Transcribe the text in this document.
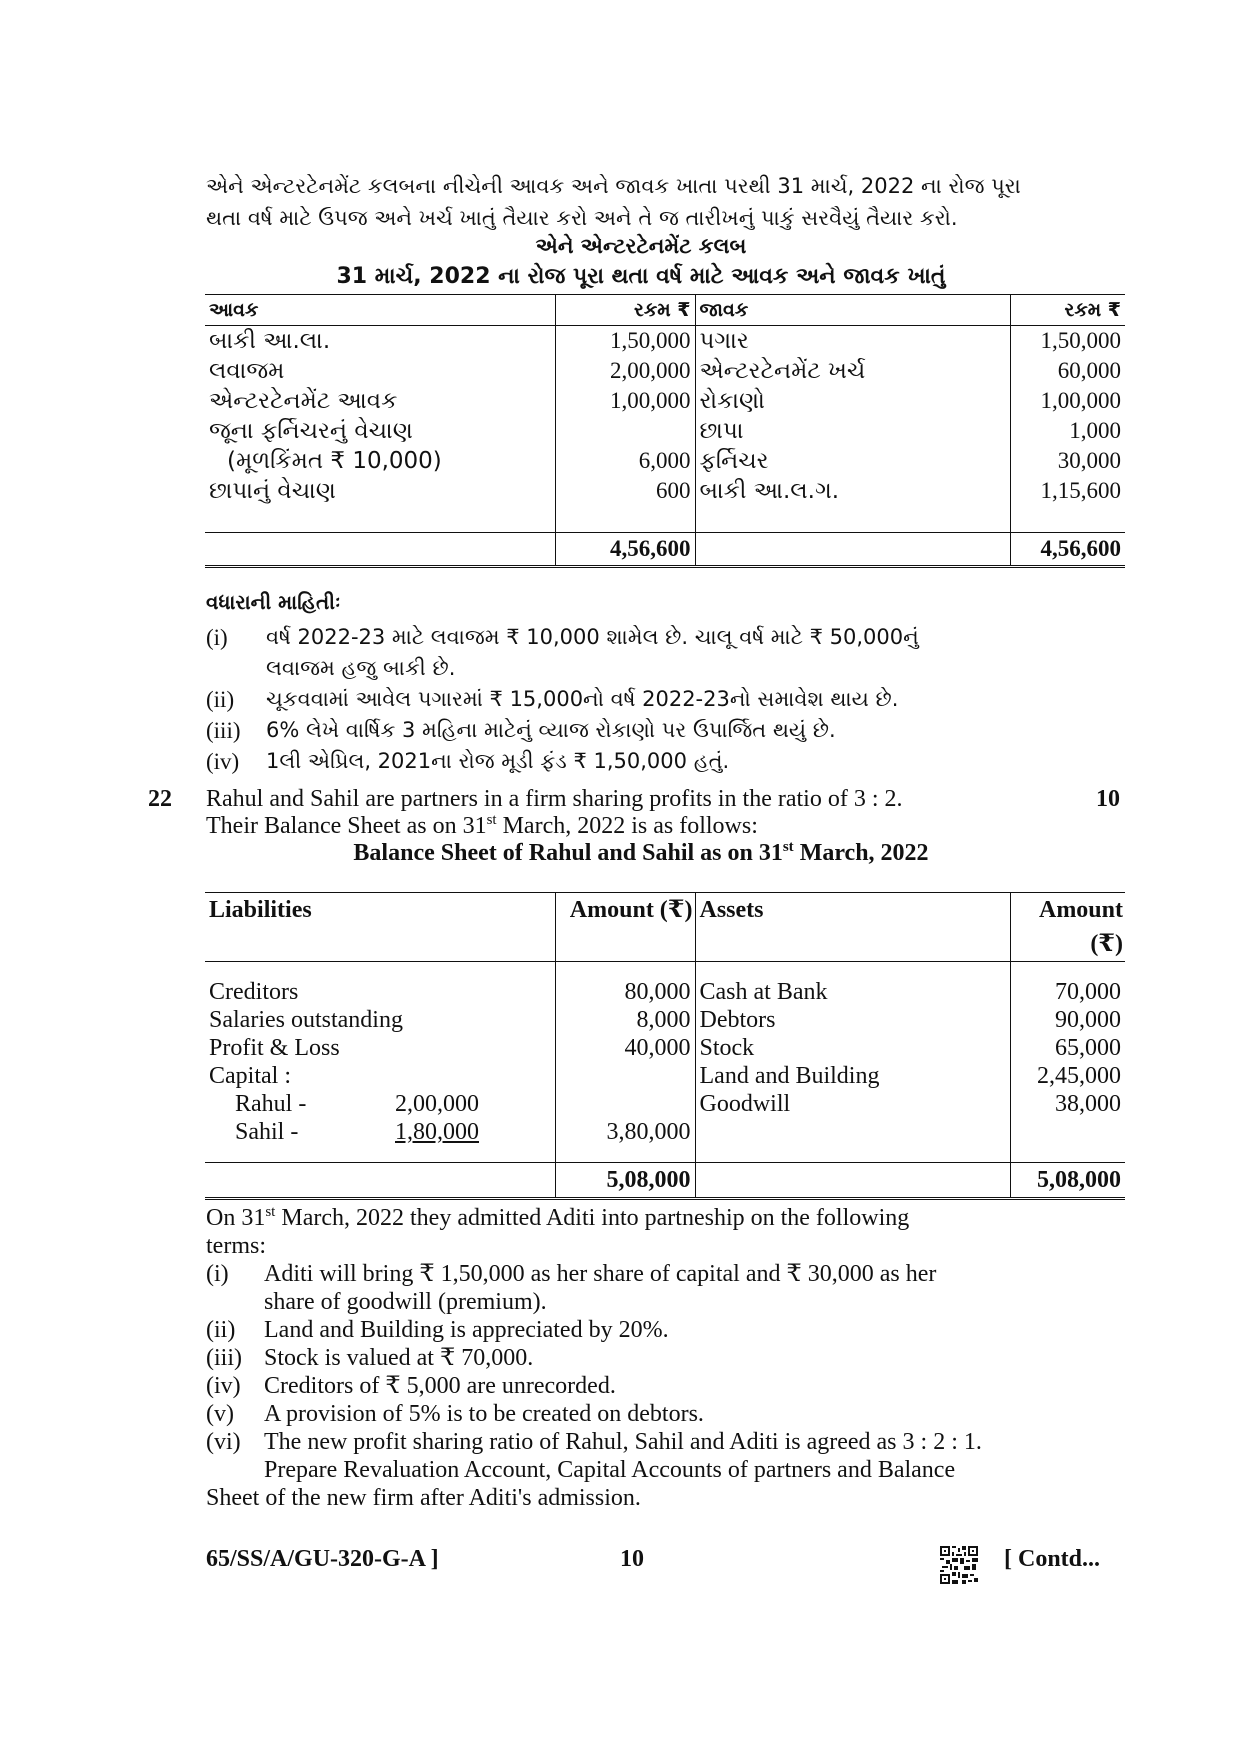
એને એન્ટરટેનમેંટ કલબના નીચેની આવક અને જાવક ખાતા પરથી 31 માર્ચ, 2022 ના રોજ પૂરા

થતા વર્ષ માટે ઉપજ અને ખર્ચ ખાતું તૈયાર કરો અને તે જ તારીખનું પાકું સરવૈયું તૈયાર કરો.

એને એન્ટરટેનમેંટ કલબ
31 માર્ચ, 2022 ના રોજ પૂરા થતા વર્ષ માટે આવક અને જાવક ખાતું
આવક	રકમ ₹	જાવક	રકમ ₹
બાકી આ.લા.	1,50,000	પગાર	1,50,000
લવાજમ	2,00,000	એન્ટરટેનમેંટ ખર્ચ	60,000
એન્ટરટેનમેંટ આવક	1,00,000	રોકાણો	1,00,000
જૂના ફર્નિચરનું વેચાણ		છાપા	1,000
(મૂળકિંમત ₹ 10,000)	6,000	ફર્નિચર	30,000
છાપાનું વેચાણ	600	બાકી આ.લ.ગ.	1,15,600

	4,56,600		4,56,600
વધારાની માહિતીઃ
(i) વર્ષ 2022-23 માટે લવાજમ ₹ 10,000 શામેલ છે. ચાલૂ વર્ષ માટે ₹ 50,000નું
લવાજમ હજુ બાકી છે.
(ii) ચૂકવવામાં આવેલ પગારમાં ₹ 15,000નો વર્ષ 2022-23નો સમાવેશ થાય છે.
(iii) 6% લેખે વાર્ષિક 3 મહિના માટેનું વ્યાજ રોકાણો પર ઉપાર્જિત થયું છે.
(iv) 1લી એપ્રિલ, 2021ના રોજ મૂડી ફંડ ₹ 1,50,000 હતું.
22	10

Rahul and Sahil are partners in a firm sharing profits in the ratio of 3 : 2.

Their Balance Sheet as on 31st March, 2022 is as follows:

Balance Sheet of Rahul and Sahil as on 31st March, 2022
Liabilities	Amount (₹)	Assets	Amount (₹)

Creditors	80,000	Cash at Bank	70,000
Salaries outstanding	8,000	Debtors	90,000
Profit & Loss	40,000	Stock	65,000
Capital :		Land and Building	2,45,000
Rahul - 2,00,000		Goodwill	38,000
Sahil - 1,80,000	3,80,000		

	5,08,000		5,08,000

On 31st March, 2022 they admitted Aditi into partneship on the following

terms:

(i) Aditi will bring ₹ 1,50,000 as her share of capital and ₹ 30,000 as her
share of goodwill (premium).
(ii) Land and Building is appreciated by 20%.
(iii) Stock is valued at ₹ 70,000.
(iv) Creditors of ₹ 5,000 are unrecorded.
(v) A provision of 5% is to be created on debtors.
(vi) The new profit sharing ratio of Rahul, Sahil and Aditi is agreed as 3 : 2 : 1.
Prepare Revaluation Account, Capital Accounts of partners and Balance

Sheet of the new firm after Aditi's admission.

65/SS/A/GU-320-G-A ]	10	[ Contd...
